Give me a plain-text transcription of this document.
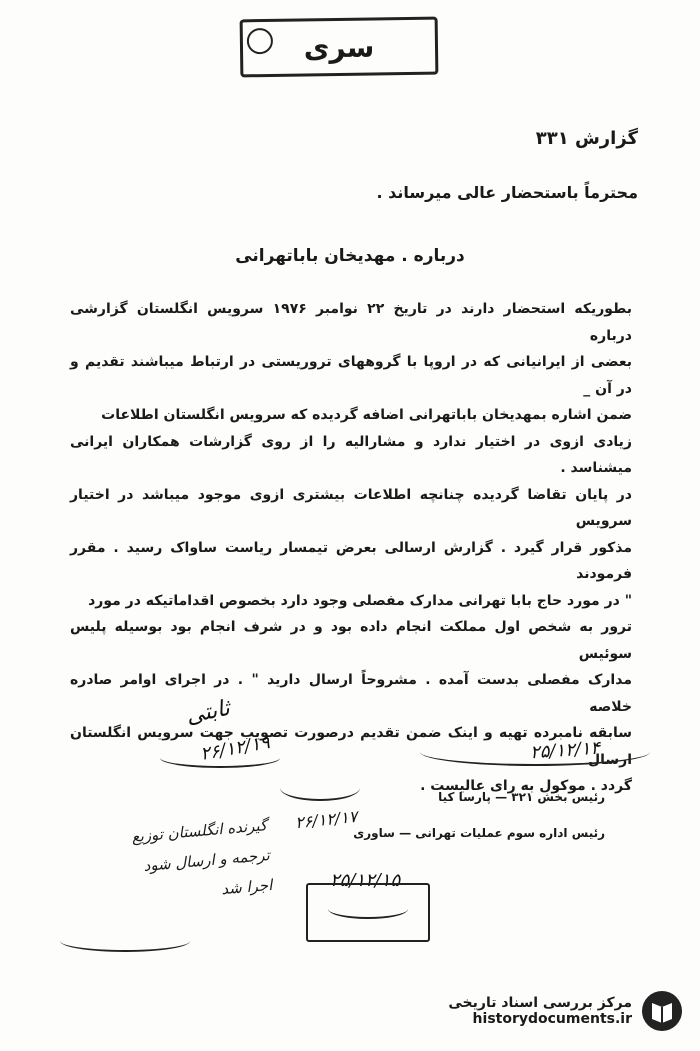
سری
گزارش ۳۳۱
محترماً باستحضار عالی میرساند .
درباره . مهدیخان باباتهرانی

بطوریکه استحضار دارند در تاریخ ۲۲ نوامبر ۱۹۷۶ سرویس انگلستان گزارشی درباره

بعضی از ایرانیانی که در اروپا با گروههای تروریستی در ارتباط میباشند تقدیم و در آن _

ضمن اشاره بمهدیخان باباتهرانی اضافه گردیده که سرویس انگلستان اطلاعات

زیادی ازوی در اختیار ندارد و مشارالیه را از روی گزارشات همکاران ایرانی میشناسد .

در پایان تقاضا گردیده چنانچه اطلاعات بیشتری ازوی موجود میباشد در اختیار سرویس

مذکور قرار گیرد . گزارش ارسالی بعرض تیمسار ریاست ساواک رسید . مقرر فرمودند

" در مورد حاج بابا تهرانی مدارک مفصلی وجود دارد بخصوص اقداماتیکه در مورد

ترور به شخص اول مملکت انجام داده بود و در شرف انجام بود بوسیله پلیس سوئیس

مدارک مفصلی بدست آمده . مشروحاً ارسال دارید " . در اجرای اوامر صادره خلاصه

سابقه نامبرده تهیه و اینک ضمن تقدیم درصورت تصویب جهت سرویس انگلستان ارسال

گردد . موکول به رای عالیست .

ثابتی
۲۶/۱۲/۱۹	۲۵/۱۲/۱۴
رئیس بخش ۳۲۱ — پارسا کیا
رئیس اداره سوم عملیات تهرانی — ساوری
۲۶/۱۲/۱۷
۲۵/۱۲/۱۵
گیرنده انگلستان توزیع
ترجمه و ارسال شود
اجرا شد
مرکز بررسی اسناد تاریخی
historydocuments.ir
